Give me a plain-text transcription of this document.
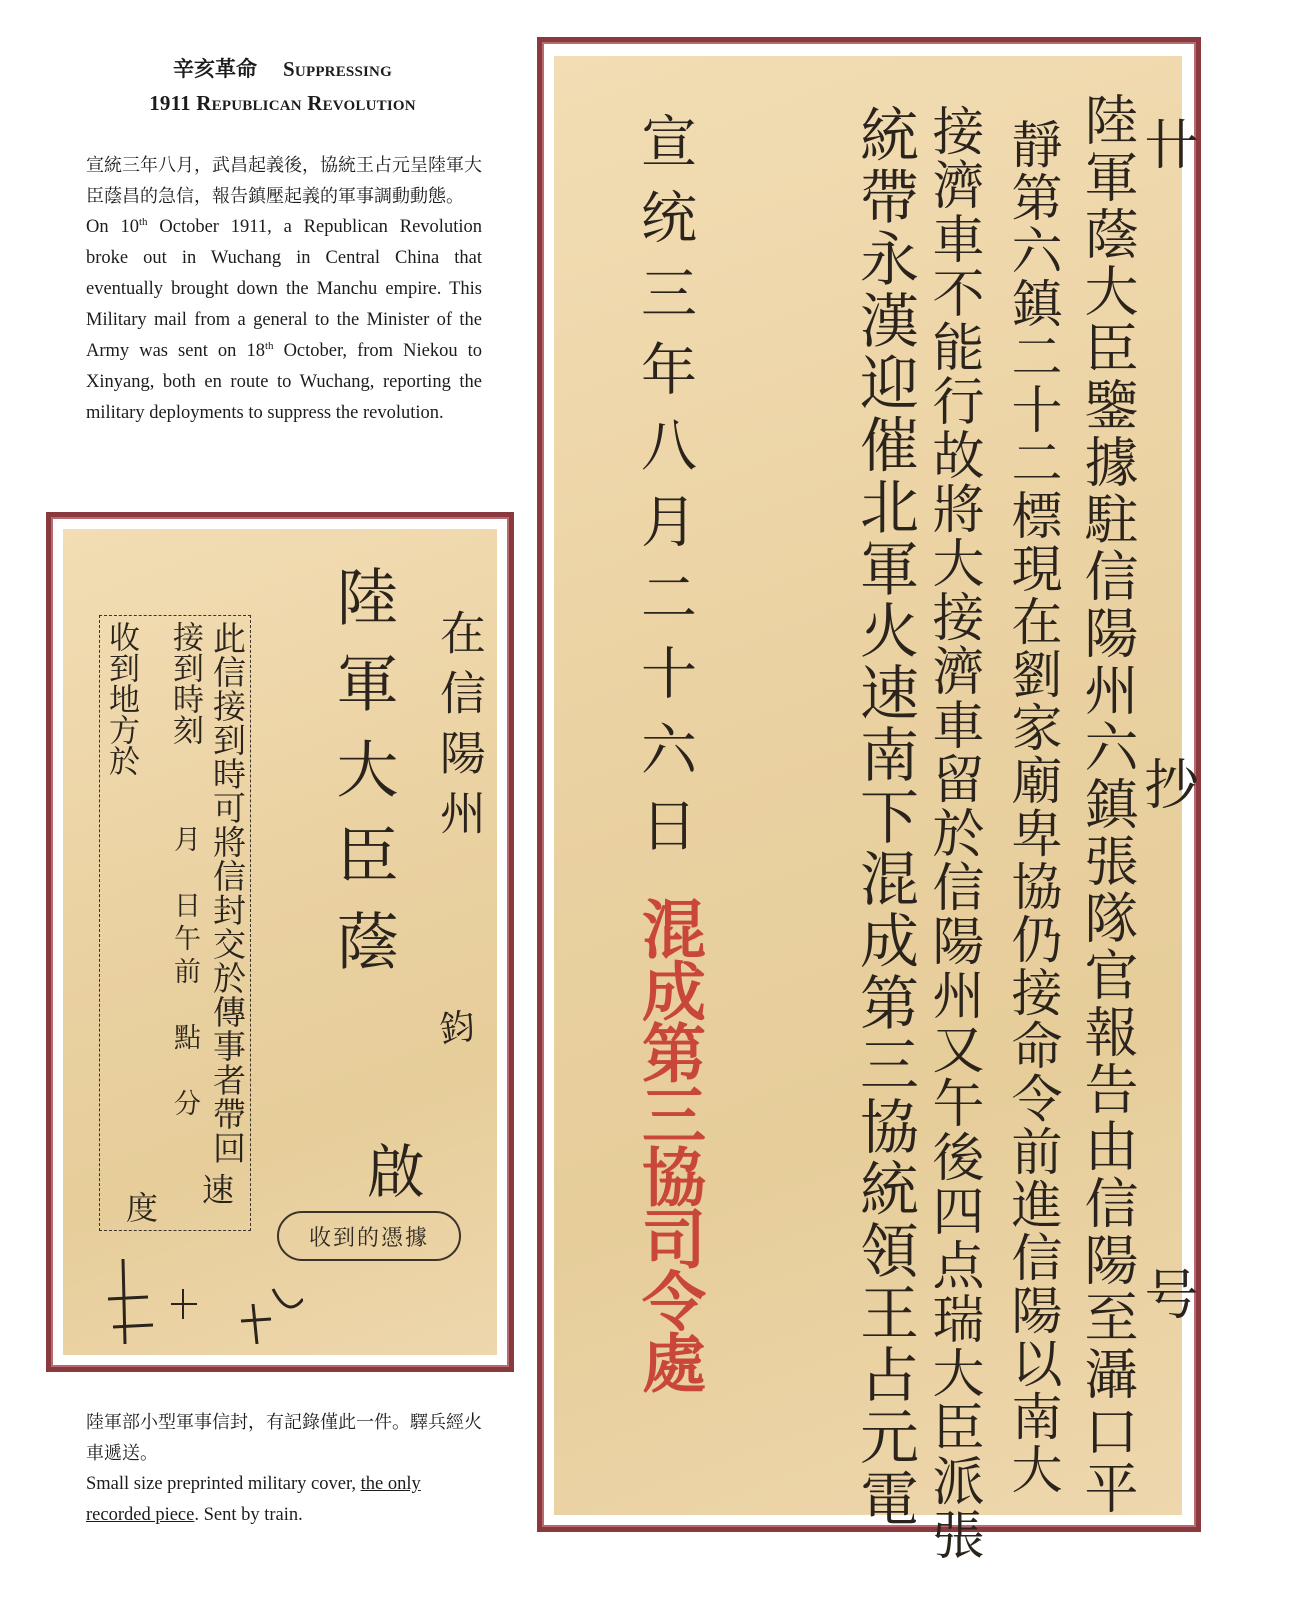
辛亥革命 Suppressing
1911 Republican Revolution
宣統三年八月，武昌起義後，協統王占元呈陸軍大臣蔭昌的急信，報告鎮壓起義的軍事調動動態。
On 10th October 1911, a Republican Revolution broke out in Wuchang in Central China that eventually brought down the Manchu empire. This Military mail from a general to the Minister of the Army was sent on 18th October, from Niekou to Xinyang, both en route to Wuchang, reporting the military deployments to suppress the revolution.
在信陽州
陸軍大臣蔭
鈞
啟
此信接到時可將信封交於傳事者帶回
接到時刻
月　日午前　點　分
收到地方於
速
度
收到的憑據	陸軍蔭大臣鑒據駐信陽州六鎮張隊官報告由信陽至灄口平
靜第六鎮二十二標現在劉家廟卑協仍接命令前進信陽以南大
接濟車不能行故將大接濟車留於信陽州又午後四点瑞大臣派張
統帶永漢迎催北軍火速南下混成第三協統領王占元電
宣统三年八月二十六日
混成第三協司令處
卄
抄
号
陸軍部小型軍事信封，有記錄僅此一件。驛兵經火車遞送。
Small size preprinted military cover, the only
recorded piece. Sent by train.
